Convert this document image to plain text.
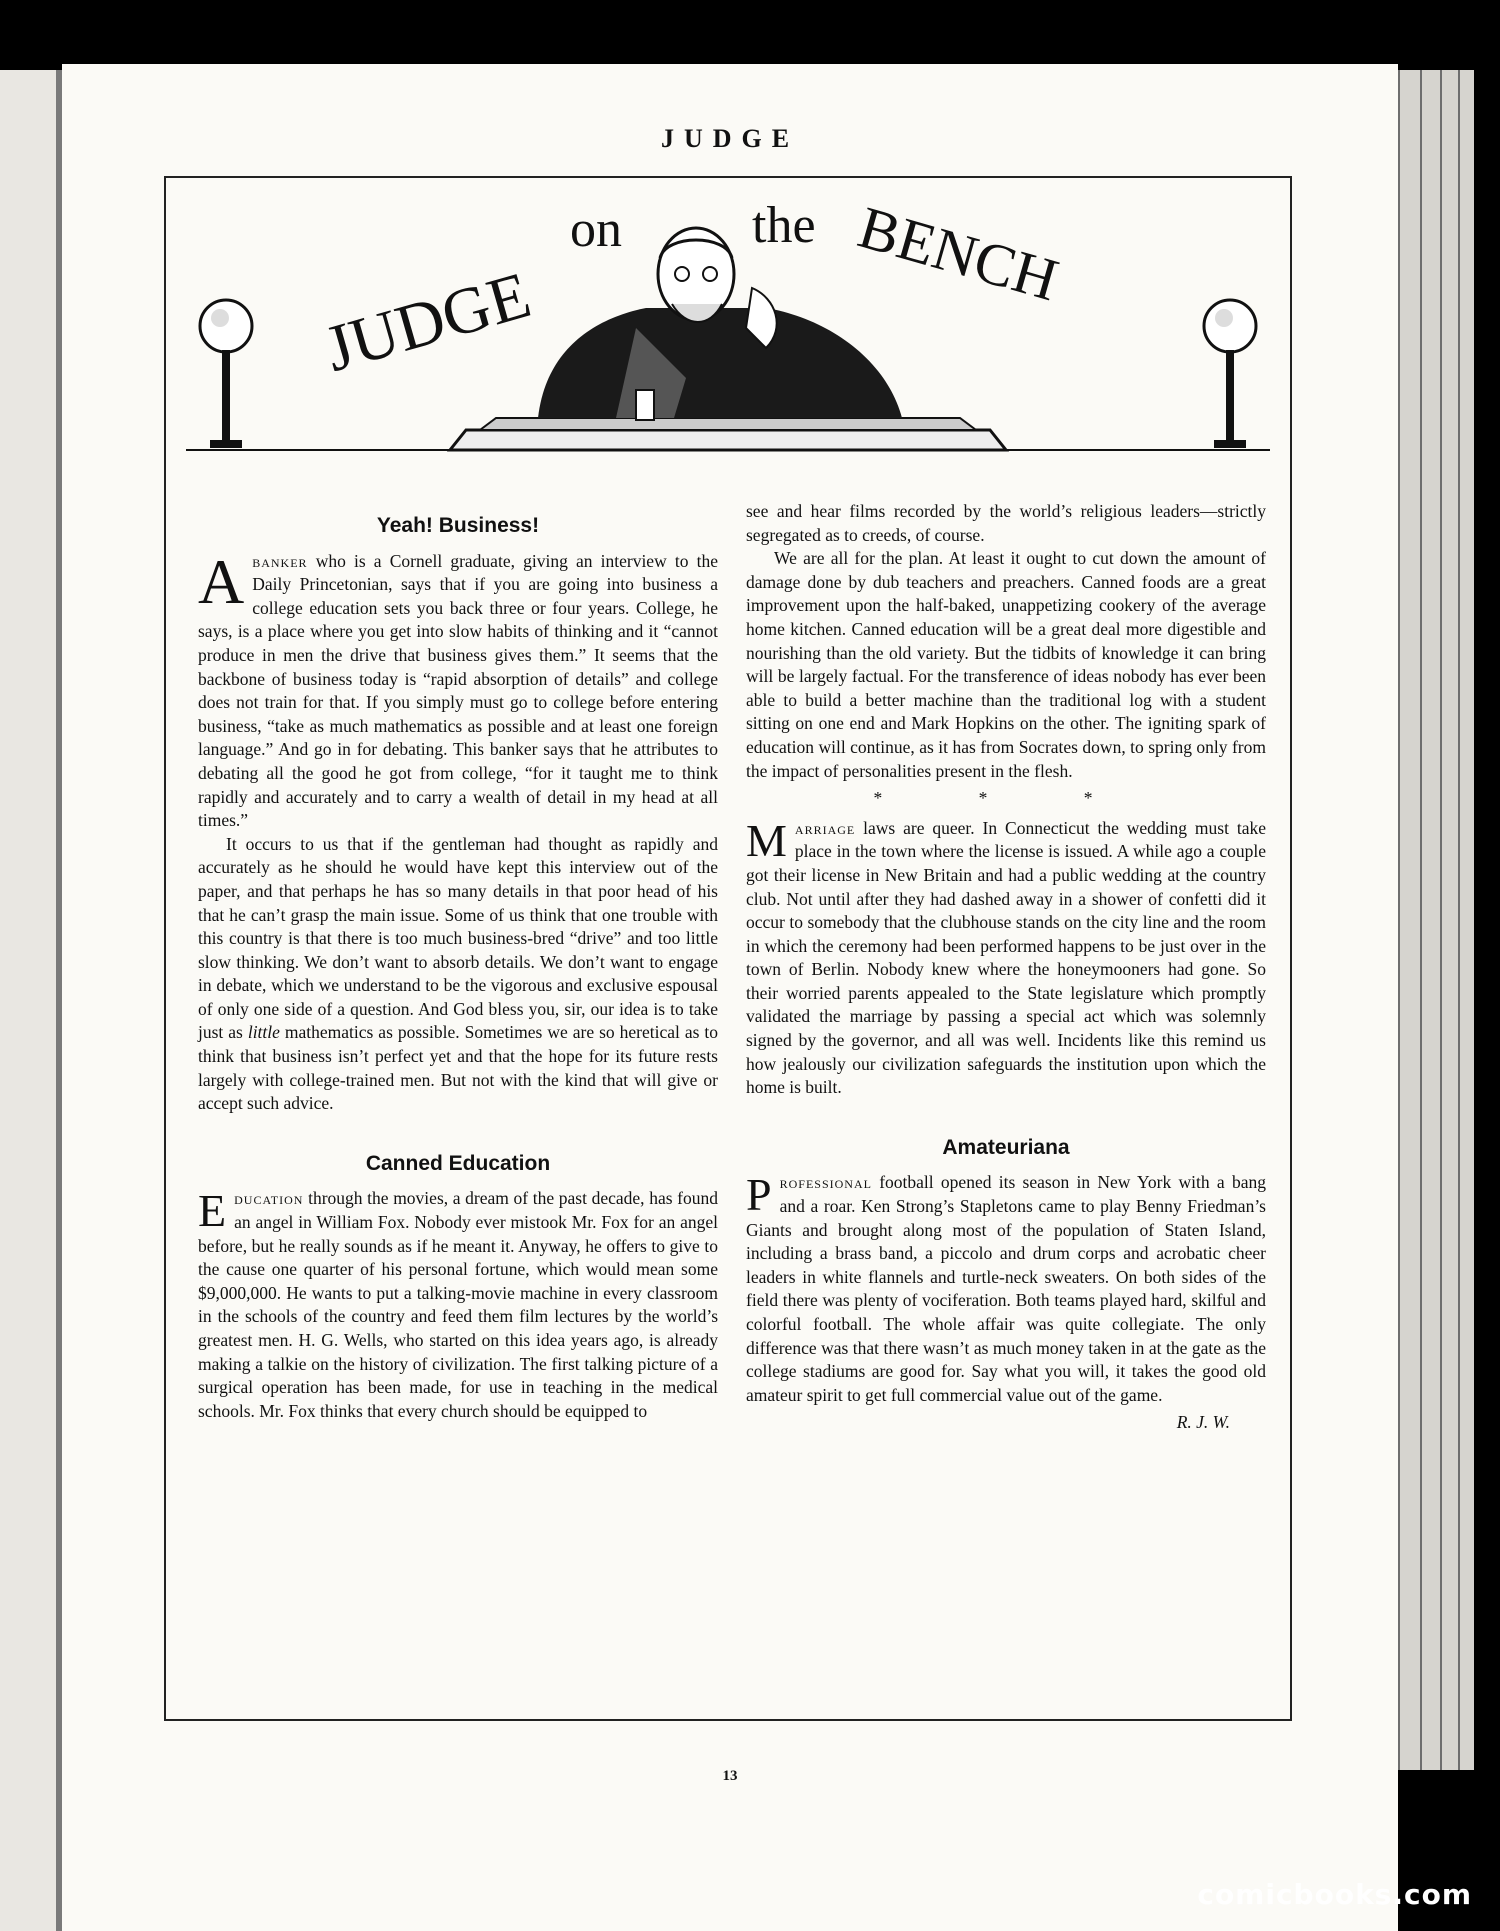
JUDGE
JUDGE
on	the BENCH
Yeah! Business!

Abanker who is a Cornell graduate, giving an interview to the Daily Princetonian, says that if you are going into business a college education sets you back three or four years. College, he says, is a place where you get into slow habits of thinking and it “cannot produce in men the drive that business gives them.” It seems that the backbone of business today is “rapid absorption of details” and college does not train for that. If you simply must go to college before entering business, “take as much mathematics as possible and at least one foreign language.” And go in for debating. This banker says that he attributes to debating all the good he got from college, “for it taught me to think rapidly and accurately and to carry a wealth of detail in my head at all times.”

It occurs to us that if the gentleman had thought as rapidly and accurately as he should he would have kept this interview out of the paper, and that perhaps he has so many details in that poor head of his that he can’t grasp the main issue. Some of us think that one trouble with this country is that there is too much business-bred “drive” and too little slow thinking. We don’t want to absorb details. We don’t want to engage in debate, which we understand to be the vigorous and exclusive espousal of only one side of a question. And God bless you, sir, our idea is to take just as little mathematics as possible. Sometimes we are so heretical as to think that business isn’t perfect yet and that the hope for its future rests largely with college-trained men. But not with the kind that will give or accept such advice.

Canned Education

Education through the movies, a dream of the past decade, has found an angel in William Fox. Nobody ever mistook Mr. Fox for an angel before, but he really sounds as if he meant it. Anyway, he offers to give to the cause one quarter of his personal fortune, which would mean some $9,000,000. He wants to put a talking-movie machine in every classroom in the schools of the country and feed them film lectures by the world’s greatest men. H. G. Wells, who started on this idea years ago, is already making a talkie on the history of civilization. The first talking picture of a surgical operation has been made, for use in teaching in the medical schools. Mr. Fox thinks that every church should be equipped to

see and hear films recorded by the world’s religious leaders—strictly segregated as to creeds, of course.

We are all for the plan. At least it ought to cut down the amount of damage done by dub teachers and preachers. Canned foods are a great improvement upon the half-baked, unappetizing cookery of the average home kitchen. Canned education will be a great deal more digestible and nourishing than the old variety. But the tidbits of knowledge it can bring will be largely factual. For the transference of ideas nobody has ever been able to build a better machine than the traditional log with a student sitting on one end and Mark Hopkins on the other. The igniting spark of education will continue, as it has from Socrates down, to spring only from the impact of personalities present in the flesh.

* * *

Marriage laws are queer. In Connecticut the wedding must take place in the town where the license is issued. A while ago a couple got their license in New Britain and had a public wedding at the country club. Not until after they had dashed away in a shower of confetti did it occur to somebody that the clubhouse stands on the city line and the room in which the ceremony had been performed happens to be just over in the town of Berlin. Nobody knew where the honeymooners had gone. So their worried parents appealed to the State legislature which promptly validated the marriage by passing a special act which was solemnly signed by the governor, and all was well. Incidents like this remind us how jealously our civilization safeguards the institution upon which the home is built.

Amateuriana

Professional football opened its season in New York with a bang and a roar. Ken Strong’s Stapletons came to play Benny Friedman’s Giants and brought along most of the population of Staten Island, including a brass band, a piccolo and drum corps and acrobatic cheer leaders in white flannels and turtle-neck sweaters. On both sides of the field there was plenty of vociferation. Both teams played hard, skilful and colorful football. The whole affair was quite collegiate. The only difference was that there wasn’t as much money taken in at the gate as the college stadiums are good for. Say what you will, it takes the good old amateur spirit to get full commercial value out of the game.

R. J. W.
13
comicbooks.com
